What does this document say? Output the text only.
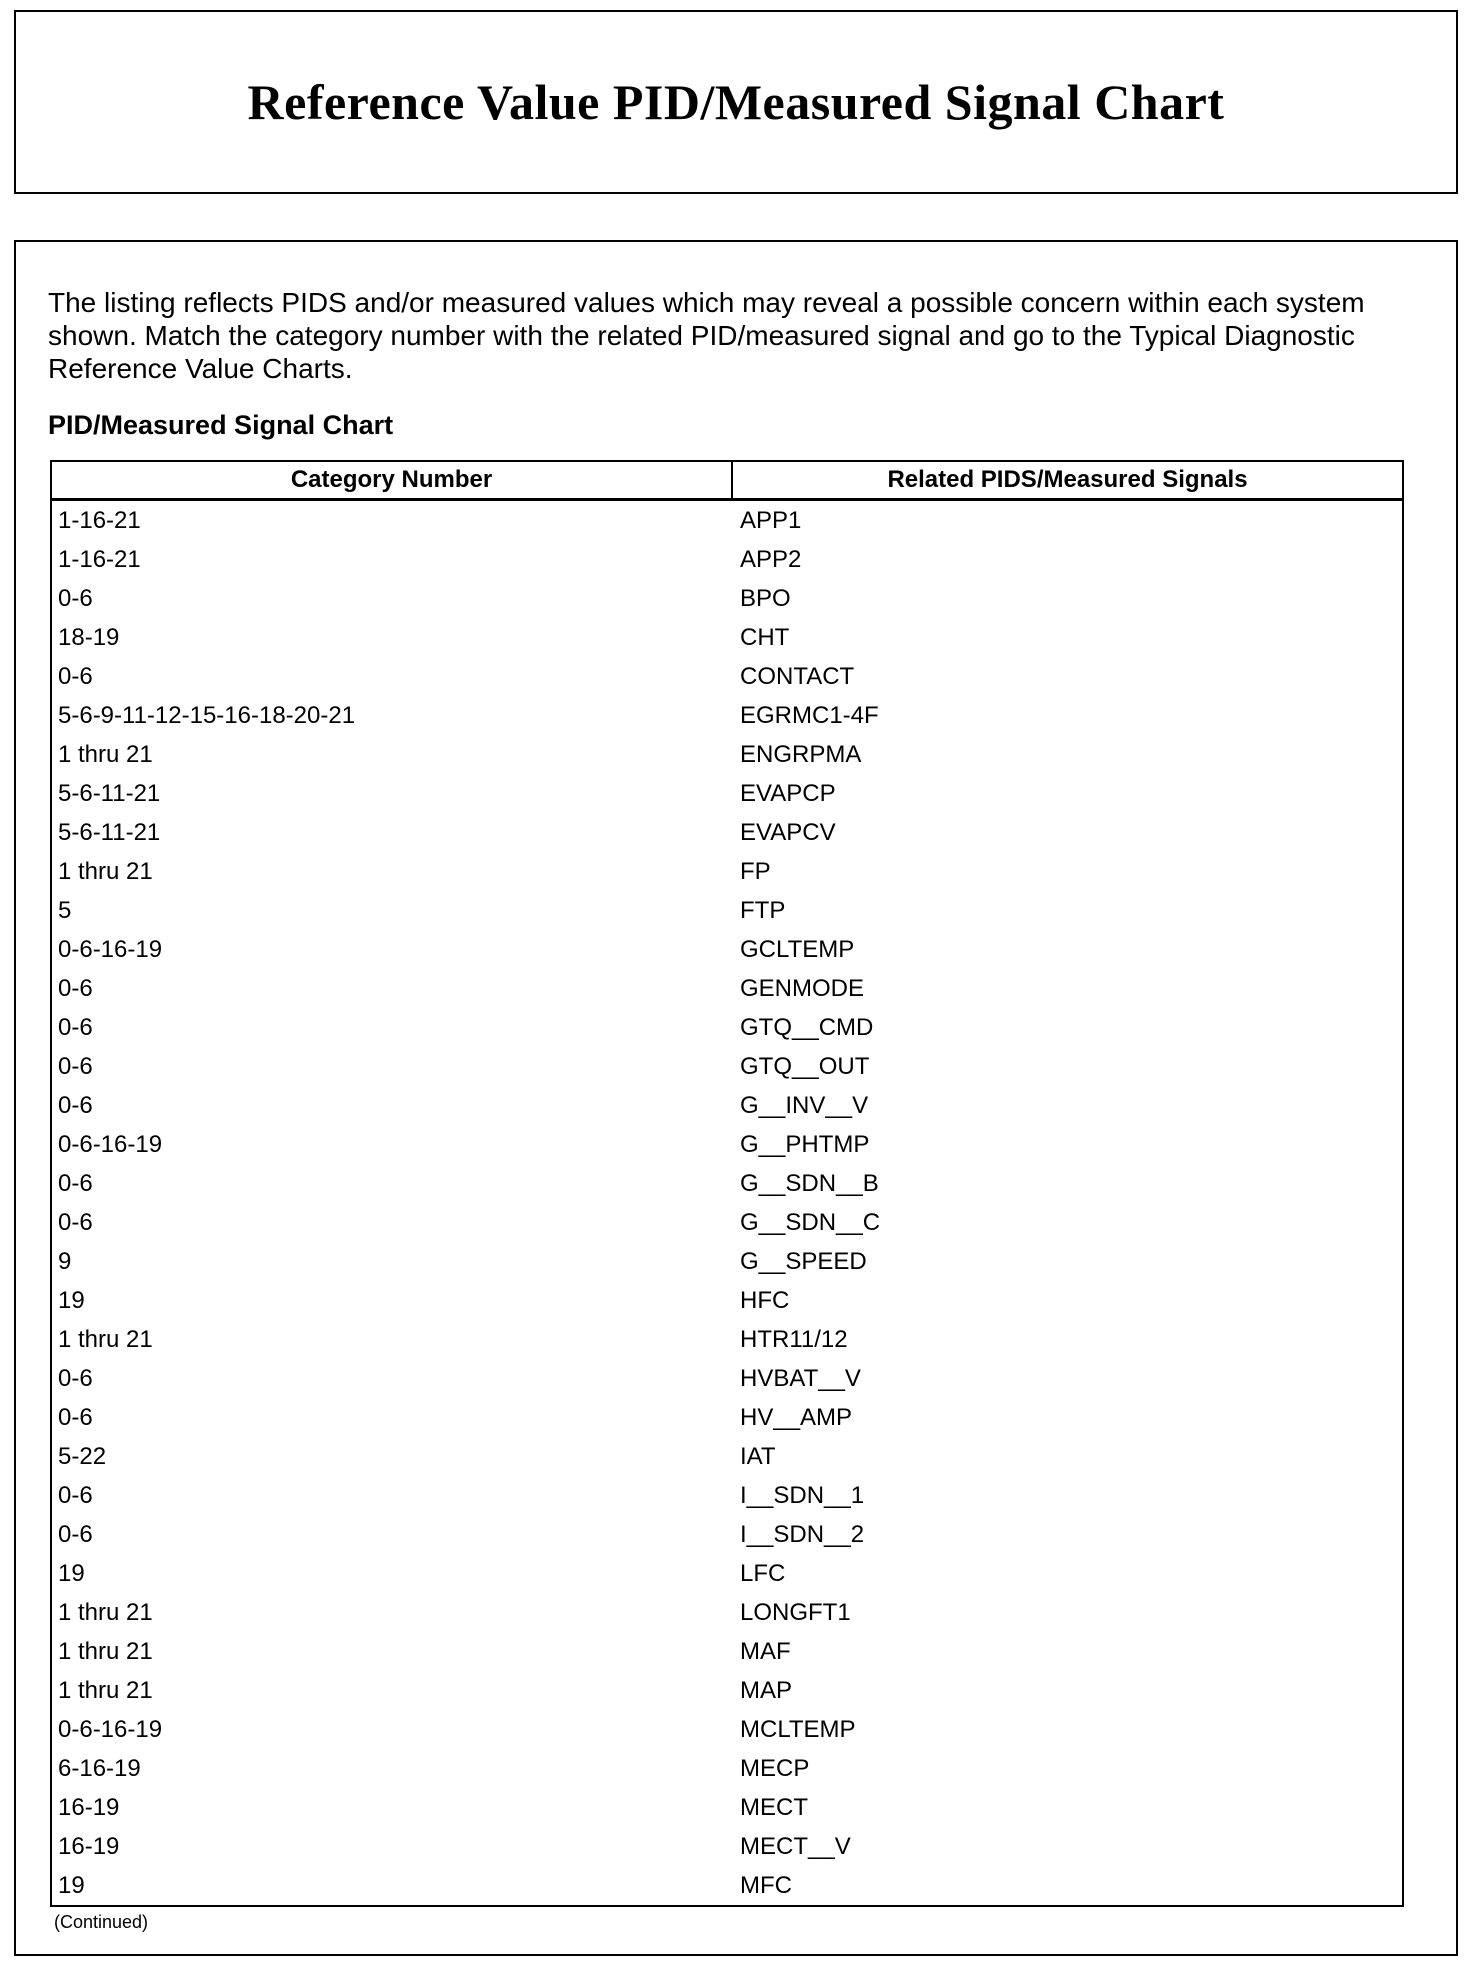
Reference Value PID/Measured Signal Chart
The listing reflects PIDS and/or measured values which may reveal a possible concern within each system shown. Match the category number with the related PID/measured signal and go to the Typical Diagnostic Reference Value Charts.
PID/Measured Signal Chart
Category Number	Related PIDS/Measured Signals
1-16-21	APP1
1-16-21	APP2
0-6	BPO
18-19	CHT
0-6	CONTACT
5-6-9-11-12-15-16-18-20-21	EGRMC1-4F
1 thru 21	ENGRPMA
5-6-11-21	EVAPCP
5-6-11-21	EVAPCV
1 thru 21	FP
5	FTP
0-6-16-19	GCLTEMP
0-6	GENMODE
0-6	GTQ__CMD
0-6	GTQ__OUT
0-6	G__INV__V
0-6-16-19	G__PHTMP
0-6	G__SDN__B
0-6	G__SDN__C
9	G__SPEED
19	HFC
1 thru 21	HTR11/12
0-6	HVBAT__V
0-6	HV__AMP
5-22	IAT
0-6	I__SDN__1
0-6	I__SDN__2
19	LFC
1 thru 21	LONGFT1
1 thru 21	MAF
1 thru 21	MAP
0-6-16-19	MCLTEMP
6-16-19	MECP
16-19	MECT
16-19	MECT__V
19	MFC
(Continued)
